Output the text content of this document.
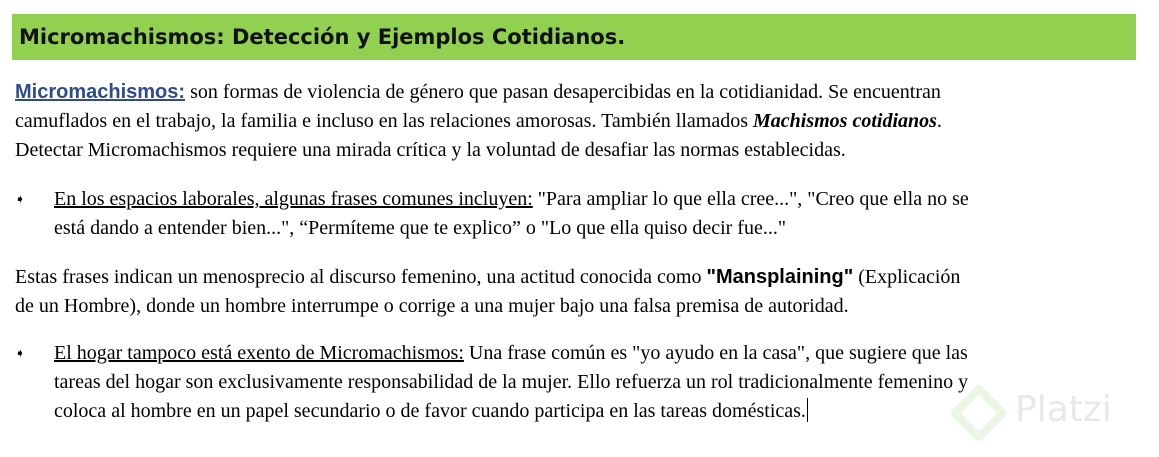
Micromachismos: Detección y Ejemplos Cotidianos.
Micromachismos: son formas de violencia de género que pasan desapercibidas en la cotidianidad. Se encuentran
camuflados en el trabajo, la familia e incluso en las relaciones amorosas. También llamados Machismos cotidianos.
Detectar Micromachismos requiere una mirada crítica y la voluntad de desafiar las normas establecidas.
➧ En los espacios laborales, algunas frases comunes incluyen: "Para ampliar lo que ella cree...", "Creo que ella no se
está dando a entender bien...", “Permíteme que te explico” o "Lo que ella quiso decir fue..."
Estas frases indican un menosprecio al discurso femenino, una actitud conocida como "Mansplaining" (Explicación
de un Hombre), donde un hombre interrumpe o corrige a una mujer bajo una falsa premisa de autoridad.
➧ El hogar tampoco está exento de Micromachismos: Una frase común es "yo ayudo en la casa", que sugiere que las
tareas del hogar son exclusivamente responsabilidad de la mujer. Ello refuerza un rol tradicionalmente femenino y
coloca al hombre en un papel secundario o de favor cuando participa en las tareas domésticas.	Platzi
